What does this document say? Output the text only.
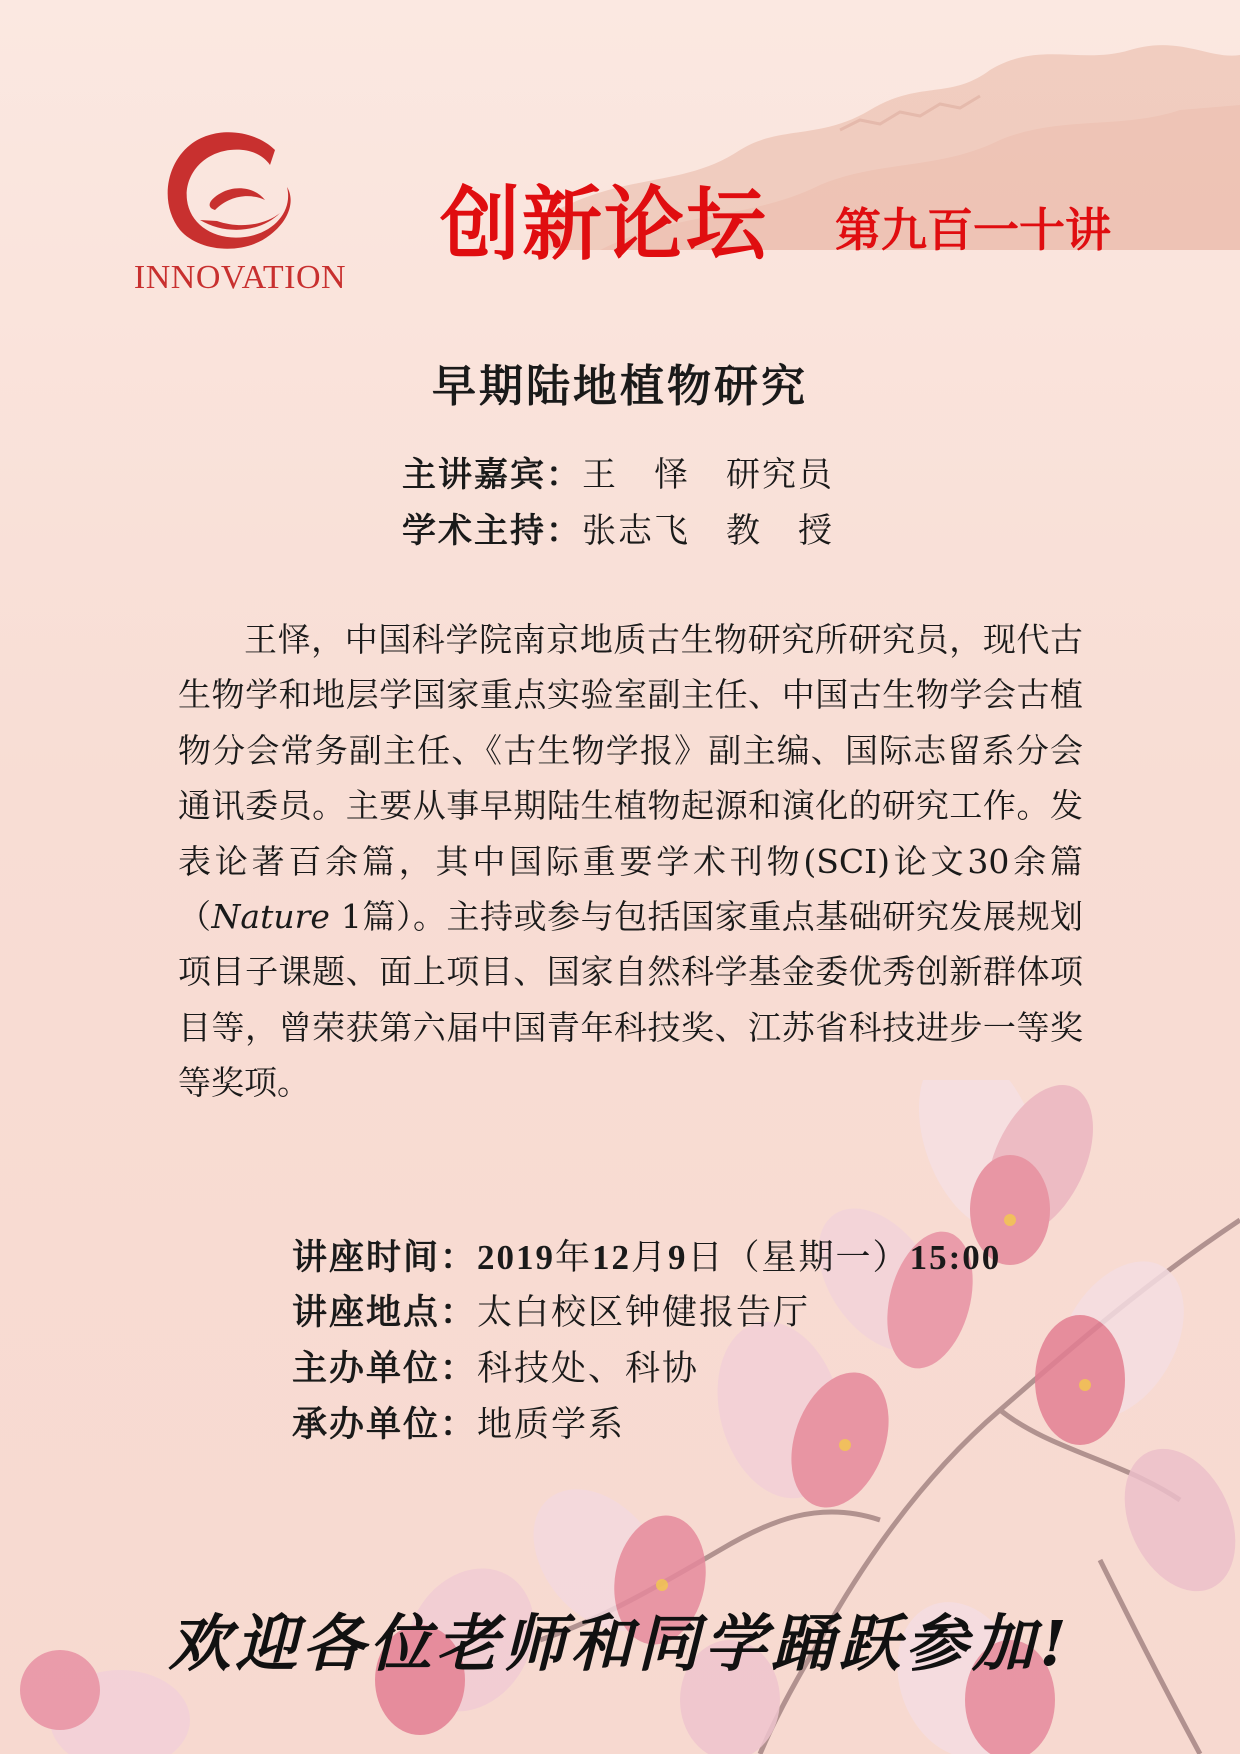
INNOVATION
创新论坛 第九百一十讲
早期陆地植物研究
主讲嘉宾：王　怿　研究员
学术主持：张志飞　教　授
王怿，中国科学院南京地质古生物研究所研究员，现代古生物学和地层学国家重点实验室副主任、中国古生物学会古植物分会常务副主任、《古生物学报》副主编、国际志留系分会通讯委员。主要从事早期陆生植物起源和演化的研究工作。发表论著百余篇，其中国际重要学术刊物(SCI)论文30余篇（Nature 1篇）。主持或参与包括国家重点基础研究发展规划项目子课题、面上项目、国家自然科学基金委优秀创新群体项目等，曾荣获第六届中国青年科技奖、江苏省科技进步一等奖等奖项。
讲座时间：2019年12月9日（星期一）15:00
讲座地点：太白校区钟健报告厅
主办单位：科技处、科协
承办单位：地质学系
欢迎各位老师和同学踊跃参加!
